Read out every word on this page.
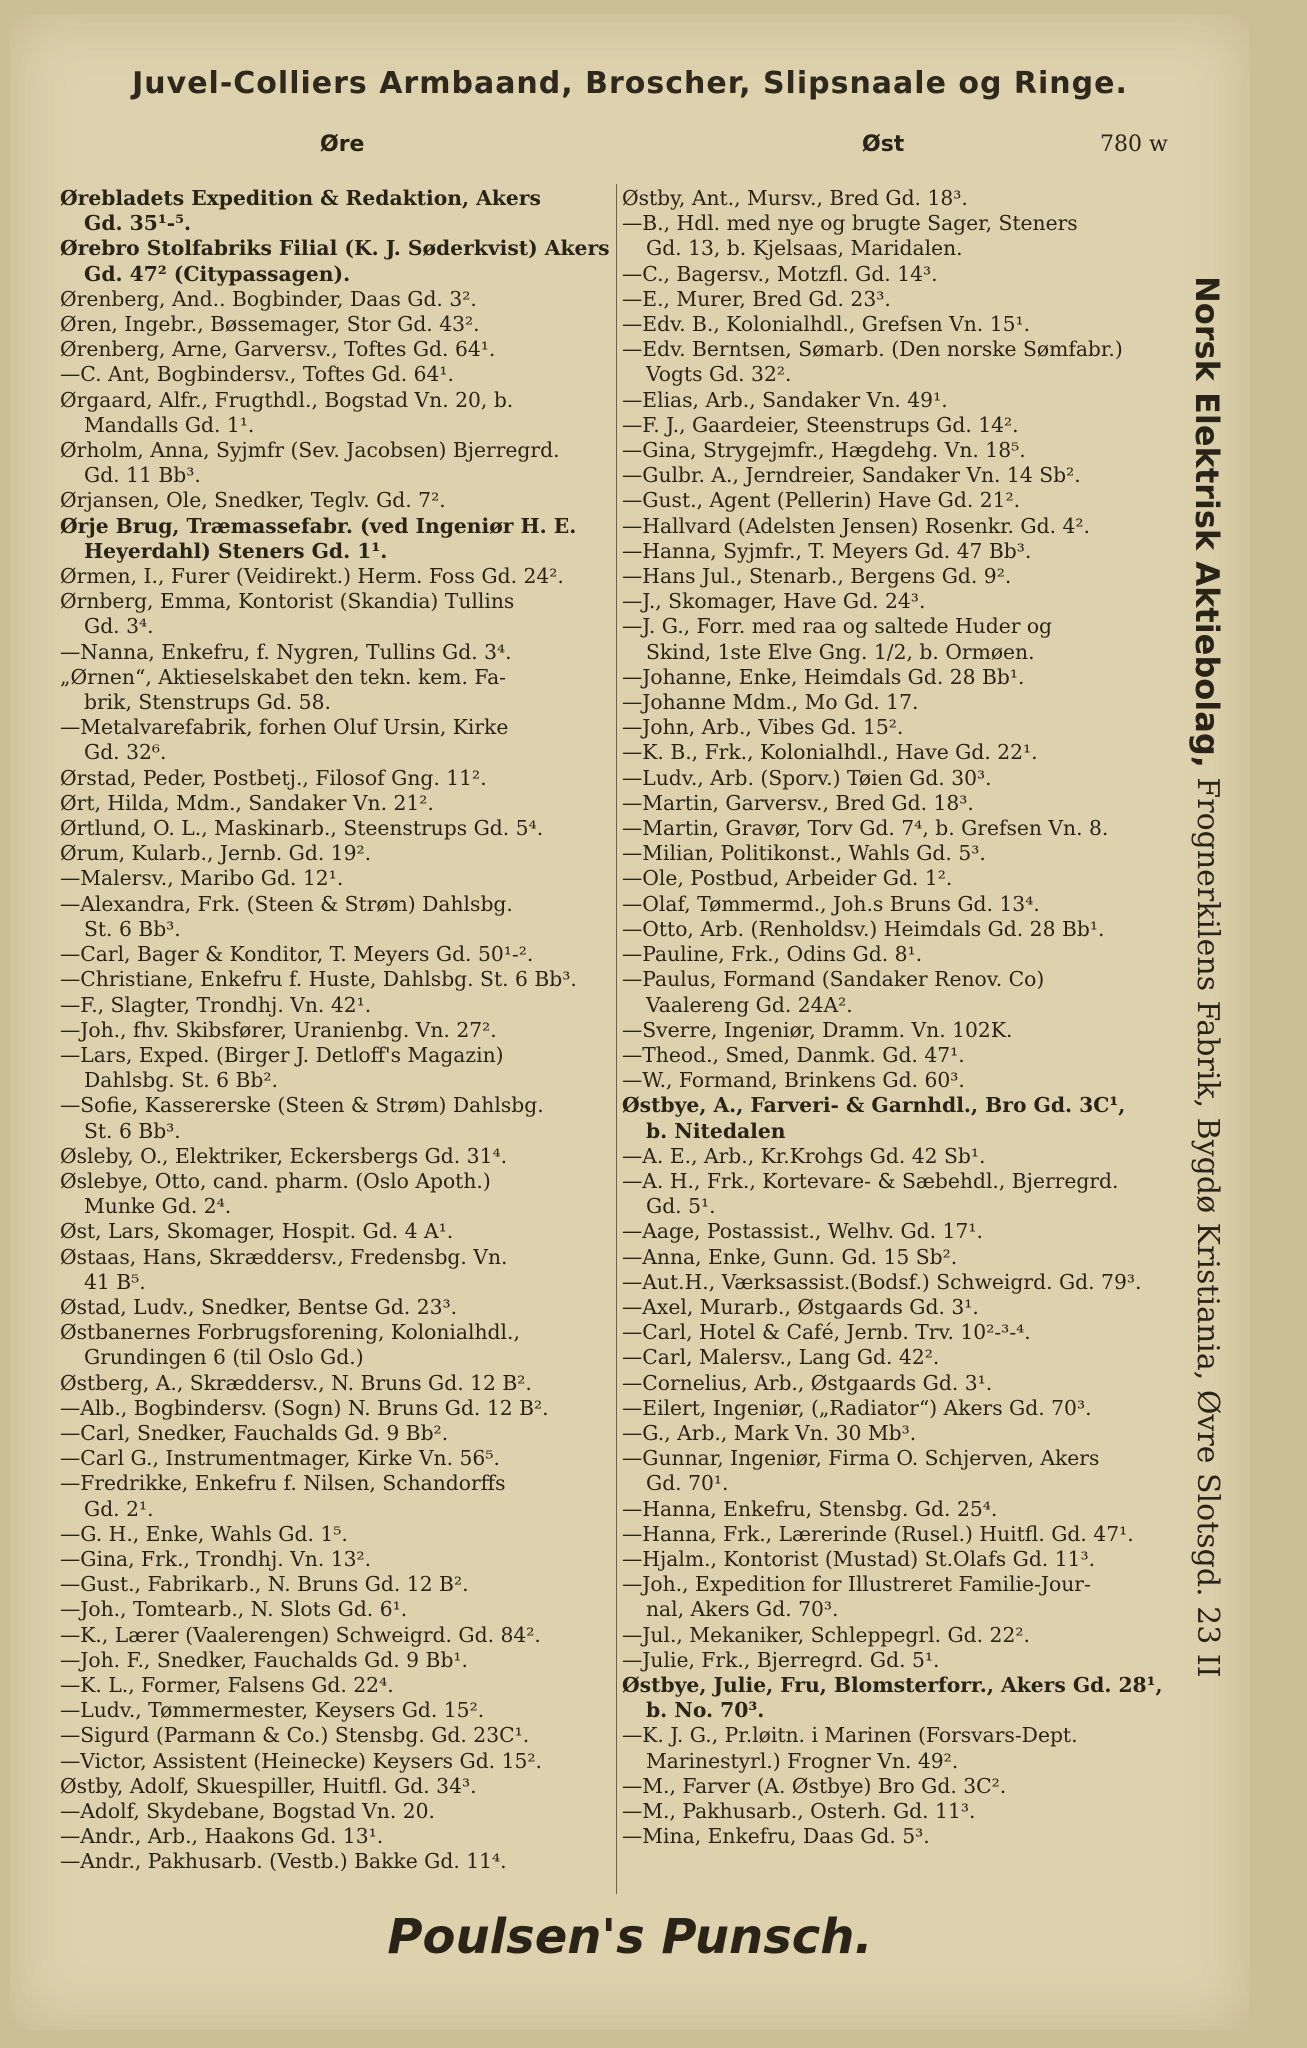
Juvel-Colliers Armbaand, Broscher, Slipsnaale og Ringe.
Øre	Øst	780 w
Ørebladets Expedition & Redaktion, Akers
Gd. 35¹-⁵.
Ørebro Stolfabriks Filial (K. J. Søderkvist) Akers
Gd. 47² (Citypassagen).
Ørenberg, And.. Bogbinder, Daas Gd. 3².
Øren, Ingebr., Bøssemager, Stor Gd. 43².
Ørenberg, Arne, Garversv., Toftes Gd. 64¹.
—C. Ant, Bogbindersv., Toftes Gd. 64¹.
Ørgaard, Alfr., Frugthdl., Bogstad Vn. 20, b.
Mandalls Gd. 1¹.
Ørholm, Anna, Syjmfr (Sev. Jacobsen) Bjerregrd.
Gd. 11 Bb³.
Ørjansen, Ole, Snedker, Teglv. Gd. 7².
Ørje Brug, Træmassefabr. (ved Ingeniør H. E.
Heyerdahl) Steners Gd. 1¹.
Ørmen, I., Furer (Veidirekt.) Herm. Foss Gd. 24².
Ørnberg, Emma, Kontorist (Skandia) Tullins
Gd. 3⁴.
—Nanna, Enkefru, f. Nygren, Tullins Gd. 3⁴.
„Ørnen“, Aktieselskabet den tekn. kem. Fa-
brik, Stenstrups Gd. 58.
—Metalvarefabrik, forhen Oluf Ursin, Kirke
Gd. 32⁶.
Ørstad, Peder, Postbetj., Filosof Gng. 11².
Ørt, Hilda, Mdm., Sandaker Vn. 21².
Ørtlund, O. L., Maskinarb., Steenstrups Gd. 5⁴.
Ørum, Kularb., Jernb. Gd. 19².
—Malersv., Maribo Gd. 12¹.
—Alexandra, Frk. (Steen & Strøm) Dahlsbg.
St. 6 Bb³.
—Carl, Bager & Konditor, T. Meyers Gd. 50¹-².
—Christiane, Enkefru f. Huste, Dahlsbg. St. 6 Bb³.
—F., Slagter, Trondhj. Vn. 42¹.
—Joh., fhv. Skibsfører, Uranienbg. Vn. 27².
—Lars, Exped. (Birger J. Detloff's Magazin)
Dahlsbg. St. 6 Bb².
—Sofie, Kassererske (Steen & Strøm) Dahlsbg.
St. 6 Bb³.
Øsleby, O., Elektriker, Eckersbergs Gd. 31⁴.
Øslebye, Otto, cand. pharm. (Oslo Apoth.)
Munke Gd. 2⁴.
Øst, Lars, Skomager, Hospit. Gd. 4 A¹.
Østaas, Hans, Skræddersv., Fredensbg. Vn.
41 B⁵.
Østad, Ludv., Snedker, Bentse Gd. 23³.
Østbanernes Forbrugsforening, Kolonialhdl.,
Grundingen 6 (til Oslo Gd.)
Østberg, A., Skræddersv., N. Bruns Gd. 12 B².
—Alb., Bogbindersv. (Sogn) N. Bruns Gd. 12 B².
—Carl, Snedker, Fauchalds Gd. 9 Bb².
—Carl G., Instrumentmager, Kirke Vn. 56⁵.
—Fredrikke, Enkefru f. Nilsen, Schandorffs
Gd. 2¹.
—G. H., Enke, Wahls Gd. 1⁵.
—Gina, Frk., Trondhj. Vn. 13².
—Gust., Fabrikarb., N. Bruns Gd. 12 B².
—Joh., Tomtearb., N. Slots Gd. 6¹.
—K., Lærer (Vaalerengen) Schweigrd. Gd. 84².
—Joh. F., Snedker, Fauchalds Gd. 9 Bb¹.
—K. L., Former, Falsens Gd. 22⁴.
—Ludv., Tømmermester, Keysers Gd. 15².
—Sigurd (Parmann & Co.) Stensbg. Gd. 23C¹.
—Victor, Assistent (Heinecke) Keysers Gd. 15².
Østby, Adolf, Skuespiller, Huitfl. Gd. 34³.
—Adolf, Skydebane, Bogstad Vn. 20.
—Andr., Arb., Haakons Gd. 13¹.
—Andr., Pakhusarb. (Vestb.) Bakke Gd. 11⁴.
Østby, Ant., Mursv., Bred Gd. 18³.
—B., Hdl. med nye og brugte Sager, Steners
Gd. 13, b. Kjelsaas, Maridalen.
—C., Bagersv., Motzfl. Gd. 14³.
—E., Murer, Bred Gd. 23³.
—Edv. B., Kolonialhdl., Grefsen Vn. 15¹.
—Edv. Berntsen, Sømarb. (Den norske Sømfabr.)
Vogts Gd. 32².
—Elias, Arb., Sandaker Vn. 49¹.
—F. J., Gaardeier, Steenstrups Gd. 14².
—Gina, Strygejmfr., Hægdehg. Vn. 18⁵.
—Gulbr. A., Jerndreier, Sandaker Vn. 14 Sb².
—Gust., Agent (Pellerin) Have Gd. 21².
—Hallvard (Adelsten Jensen) Rosenkr. Gd. 4².
—Hanna, Syjmfr., T. Meyers Gd. 47 Bb³.
—Hans Jul., Stenarb., Bergens Gd. 9².
—J., Skomager, Have Gd. 24³.
—J. G., Forr. med raa og saltede Huder og
Skind, 1ste Elve Gng. 1/2, b. Ormøen.
—Johanne, Enke, Heimdals Gd. 28 Bb¹.
—Johanne Mdm., Mo Gd. 17.
—John, Arb., Vibes Gd. 15².
—K. B., Frk., Kolonialhdl., Have Gd. 22¹.
—Ludv., Arb. (Sporv.) Tøien Gd. 30³.
—Martin, Garversv., Bred Gd. 18³.
—Martin, Gravør, Torv Gd. 7⁴, b. Grefsen Vn. 8.
—Milian, Politikonst., Wahls Gd. 5³.
—Ole, Postbud, Arbeider Gd. 1².
—Olaf, Tømmermd., Joh.s Bruns Gd. 13⁴.
—Otto, Arb. (Renholdsv.) Heimdals Gd. 28 Bb¹.
—Pauline, Frk., Odins Gd. 8¹.
—Paulus, Formand (Sandaker Renov. Co)
Vaalereng Gd. 24A².
—Sverre, Ingeniør, Dramm. Vn. 102K.
—Theod., Smed, Danmk. Gd. 47¹.
—W., Formand, Brinkens Gd. 60³.
Østbye, A., Farveri- & Garnhdl., Bro Gd. 3C¹,
b. Nitedalen
—A. E., Arb., Kr.Krohgs Gd. 42 Sb¹.
—A. H., Frk., Kortevare- & Sæbehdl., Bjerregrd.
Gd. 5¹.
—Aage, Postassist., Welhv. Gd. 17¹.
—Anna, Enke, Gunn. Gd. 15 Sb².
—Aut.H., Værksassist.(Bodsf.) Schweigrd. Gd. 79³.
—Axel, Murarb., Østgaards Gd. 3¹.
—Carl, Hotel & Café, Jernb. Trv. 10²-³-⁴.
—Carl, Malersv., Lang Gd. 42².
—Cornelius, Arb., Østgaards Gd. 3¹.
—Eilert, Ingeniør, („Radiator“) Akers Gd. 70³.
—G., Arb., Mark Vn. 30 Mb³.
—Gunnar, Ingeniør, Firma O. Schjerven, Akers
Gd. 70¹.
—Hanna, Enkefru, Stensbg. Gd. 25⁴.
—Hanna, Frk., Lærerinde (Rusel.) Huitfl. Gd. 47¹.
—Hjalm., Kontorist (Mustad) St.Olafs Gd. 11³.
—Joh., Expedition for Illustreret Familie-Jour-
nal, Akers Gd. 70³.
—Jul., Mekaniker, Schleppegrl. Gd. 22².
—Julie, Frk., Bjerregrd. Gd. 5¹.
Østbye, Julie, Fru, Blomsterforr., Akers Gd. 28¹,
b. No. 70³.
—K. J. G., Pr.løitn. i Marinen (Forsvars-Dept.
Marinestyrl.) Frogner Vn. 49².
—M., Farver (A. Østbye) Bro Gd. 3C².
—M., Pakhusarb., Osterh. Gd. 11³.
—Mina, Enkefru, Daas Gd. 5³.
Norsk Elektrisk Aktiebolag, Frognerkilens Fabrik, Bygdø Kristiania, Øvre Slotsgd. 23 II
Poulsen's Punsch.
